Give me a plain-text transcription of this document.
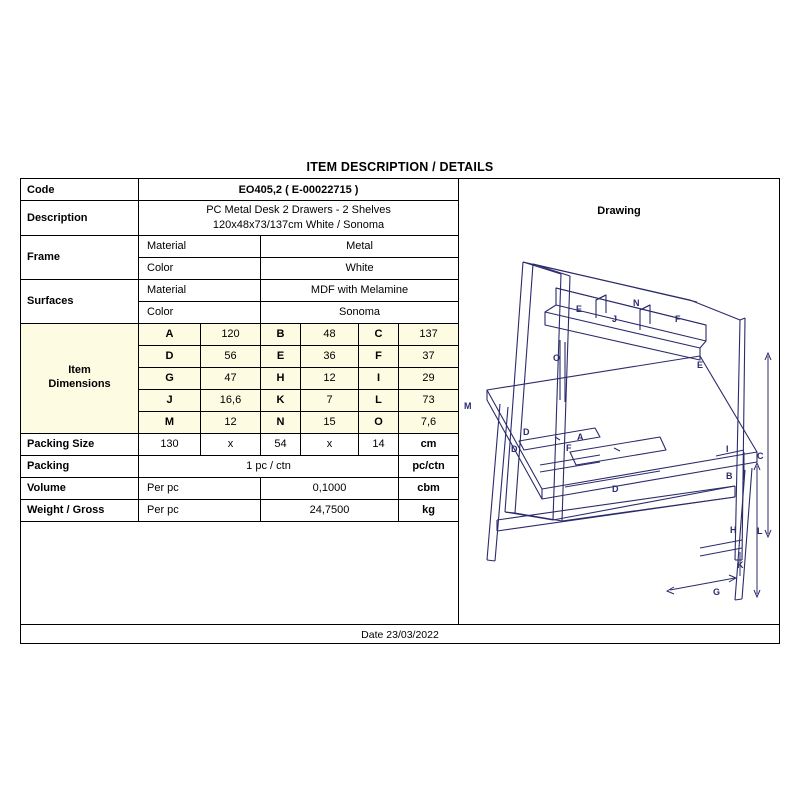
ITEM DESCRIPTION / DETAILS
Code	EO405,2 ( E-00022715 )					
Description	PC Metal Desk 2 Drawers - 2 Shelves
120x48x73/137cm White / Sonoma					

Frame	Material		Metal			
	Color		White			
Surfaces	Material		MDF with Melamine			
	Color		Sonoma			

Item
Dimensions	A	120	B	48	C	137
	D	56	E	36	F	37
	G	47	H	12	I	29
	J	16,6	K	7	L	73
	M	12	N	15	O	7,6
Packing Size	130	x	54	x	14	cm
Packing	1 pc / ctn					pc/ctn
Volume	Per pc		0,1000			cbm
Weight / Gross	Per pc		24,7500			kg
Drawing
E
J
N
F
O
E
M
D	A
D	F	I
C
B
D
H L
K
G
Date 23/03/2022
